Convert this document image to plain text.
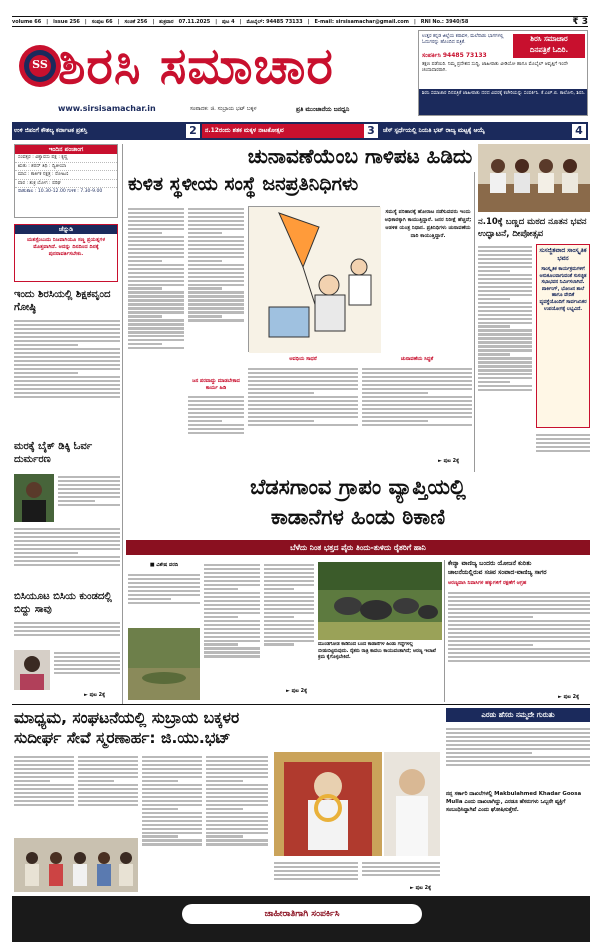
volume 66 | issue 256 | ಸಂಪುಟ 66 | ಸಂಚಿಕೆ 256 | ಶುಕ್ರವಾರ 07.11.2025 | ಪುಟ 4 | ಮೊಬೈಲ್: 94485 73133 | E-mail: sirsisamachar@gmail.com | RNI No.: 3940/58	₹ 3
SS ಶಿರಸಿ ಸಮಾಚಾರ
www.sirsisamachar.in	ಸಂಪಾದಕ: ಜಿ. ಸುಬ್ರಾಯ ಭಟ್ ಬಕ್ಕಳ	ಪ್ರತಿ ಮುಂಜಾನೆಯ ಜನಧ್ವನಿ
ಉತ್ತರ ಕನ್ನಡ ಜಿಲ್ಲೆಯ ಕರಾವಳಿ, ಮಲೆನಾಡು ಭಾಗಗಳಲ್ಲಿ ಓದುಗರನ್ನು ಹೊಂದಿದ ಪತ್ರಿಕೆ.
ಸಂಪರ್ಕಿಸಿ 94485 73133
ಶಿರಸಿ ಸಮಾಚಾರ
ದಿನಪತ್ರಿಕೆ ಓದಿರಿ.
ತಕ್ಷಣ ಪಡೆಯಿರಿ. ನಿಮ್ಮ ಪ್ರದೇಶದ ಸುದ್ದಿ, ಜಾಹೀರಾತು ವೀಡಿಯೋ ಹಾಗೂ ಮೊಬೈಲ್ ಆವೃತ್ತಿಗೆ ಇಂದೇ ಚಂದಾದಾರರಾಗಿ.
ಶಿರಸಿ ಸಮಾಚಾರ ದಿನಪತ್ರಿಕೆ ಜಾಹೀರಾತು ದರದ ವಿವರಕ್ಕೆ ಕಚೇರಿಯನ್ನು ಸಂಪರ್ಕಿಸಿ. ಕೆ.ಎಚ್.ಬಿ. ಕಾಲೋನಿ, ಶಿರಸಿ.
ಉಳಿ ಜಿಪಂಗೆ ಕೌಶಲ್ಯ ಕರ್ನಾಟಕ ಪ್ರಶಸ್ತಿ	2	ನ.12ರಂದು ಶತಕ ಮಕ್ಕಳ ನಾಟಕೋತ್ಸವ	3	ಚೆಸ್ ಸ್ಪರ್ಧೆಯಲ್ಲಿ ನಿಯತಿ ಭಟ್ ರಾಜ್ಯ ಮಟ್ಟಕ್ಕೆ ಆಯ್ಕೆ	4
ಇಂದಿನ ಪಂಚಾಂಗ
ಸಂವತ್ಸರ : ವಿಶ್ವಾವಸು ಪಕ್ಷ : ಕೃಷ್ಣ
ಋತು : ಶರದ್ ತಿಥಿ : ದ್ವಿತೀಯಾ
ಮಾಸ : ಕಾರ್ತಿಕ ನಕ್ಷತ್ರ : ರೋಹಿಣಿ
ವಾರ : ಶುಕ್ರ ಯೋಗ : ಪರಿಘ
ರಾಹುಕಾಲ : 10.30-12.00 ಗುಳಿಕ : 7.30-9.00
ಚೆನ್ನುಡಿ
ಯಶಸ್ಸೆಂಬುದು ನಿಜವಾಗಿಯೂ ಸಣ್ಣ ಪ್ರಯತ್ನಗಳ ಮೊತ್ತವಾಗಿದೆ. ಅದನ್ನು ದಿನದಿಂದ ದಿನಕ್ಕೆ ಪುನರಾವರ್ತಿಸಬೇಕು.
ಇಂದು ಶಿರಸಿಯಲ್ಲಿ ಶಿಕ್ಷಕವೃಂದ ಗೋಷ್ಠಿ
ಮರಕ್ಕೆ ಬೈಕ್ ಡಿಕ್ಕಿ ಓರ್ವ ದುರ್ಮರಣ
ಬಿಸಿಯೂಟ ಬಿಸಿಯ ಕುಂಡದಲ್ಲಿ ಬಿದ್ದು ಸಾವು
► ಪುಟ 2ಕ್ಕೆ
ಚುನಾವಣೆಯೆಂಬ ಗಾಳಿಪಟ ಹಿಡಿದು
ಕುಳಿತ ಸ್ಥಳೀಯ ಸಂಸ್ಥೆ ಜನಪ್ರತಿನಿಧಿಗಳು
ಜನ ಪರವಾದ್ದು ಮಾಡಬೇಕಾದ ಕಾರ್ಯ ಹಿಡಿ
ಸಮಸ್ಯೆ ಪರಿಹಾರಕ್ಕೆ ಹೋರಾಟ ನಡೆಸುವವರು ಇಂದು ಅಧಿಕಾರಕ್ಕಾಗಿ ಕಾಯುತ್ತಿದ್ದಾರೆ. ಜನರ ನಿರೀಕ್ಷೆ ಹೆಚ್ಚಿದೆ; ಆಡಳಿತ ಯಂತ್ರ ನಿಧಾನ. ಪ್ರತಿನಿಧಿಗಳು ಚುನಾವಣೆಯ ದಾರಿ ಕಾಯುತ್ತಿದ್ದಾರೆ.
ಅವಧಿಯ ಸಾಧನೆ	ಚುನಾವಣೆಯ ಸಿದ್ಧತೆ
► ಪುಟ 2ಕ್ಕೆ
ನ.10ಕ್ಕೆ ಬಣ್ಣದ ಮಠದ ನೂತನ ಭವನ ಉದ್ಘಾಟನೆ, ದೀಪೋತ್ಸವ
ಸುಸಜ್ಜಿತವಾದ ಸಾಂಸ್ಕೃತಿಕ ಭವನ
ಸಾಂಸ್ಕೃತಿಕ ಕಾರ್ಯಕ್ರಮಗಳಿಗೆ ಅನುಕೂಲವಾಗುವಂತೆ ಸುಸಜ್ಜಿತ ಸಭಾಭವನ ನಿರ್ಮಿಸಲಾಗಿದೆ. ಪಾರ್ಕಿಂಗ್, ಭೋಜನ ಶಾಲೆ ಹಾಗೂ ವೇದಿಕೆ ವ್ಯವಸ್ಥೆಯೊಂದಿಗೆ ಸಾರ್ವಜನಿಕರ ಉಪಯೋಗಕ್ಕೆ ಲಭ್ಯವಿದೆ.
ಬೆಡಸಗಾಂವ ಗ್ರಾಪಂ ವ್ಯಾಪ್ತಿಯಲ್ಲಿ
ಕಾಡಾನೆಗಳ ಹಿಂಡು ಠಿಕಾಣಿ
ಬೆಳೆದು ನಿಂತ ಭತ್ತದ ಪೈರು ತಿಂದು-ತುಳಿದು ರೈತರಿಗೆ ಹಾನಿ
■ ವಿಶೇಷ ವರದಿ
► ಪುಟ 2ಕ್ಕೆ
ಮುಂಡಗೋಡ ಕಾಡಿನಿಂದ ಬಂದ ಕಾಡಾನೆಗಳ ಹಿಂಡು ಗದ್ದೆಗಳಲ್ಲಿ ಬೀಡುಬಿಟ್ಟಿರುವುದು. ರೈತರು ರಾತ್ರಿ ಕಾವಲು ಕಾಯುವಂತಾಗಿದೆ; ಅರಣ್ಯ ಇಲಾಖೆ ಕ್ರಮ ಕೈಗೊಳ್ಳಬೇಕಿದೆ.
ಕೇನ್ಯಾ ವಾಣಿಜ್ಯ ಬಂದರು ಯೋಜನೆ ಕುರಿತು
ಚಾಲನೆಯಲ್ಲಿರುವ ಸಚಿವ ಸಂವಾದ-ವಾಣಿಜ್ಯ ಸಾಗರ
ಅರಣ್ಯವಾಸಿ ನಿವಾಸಿಗಳ ಹಕ್ಕುಗಳಿಗೆ ರಕ್ಷಣೆಗೆ ಆಗ್ರಹ
► ಪುಟ 2ಕ್ಕೆ
ಮಾಧ್ಯಮ, ಸಂಘಟನೆಯಲ್ಲಿ ಸುಬ್ರಾಯ ಬಕ್ಕಳರ
ಸುದೀರ್ಘ ಸೇವೆ ಸ್ಮರಣಾರ್ಹ: ಜಿ.ಯು.ಭಟ್
► ಪುಟ 2ಕ್ಕೆ
ಎರಡು ಹೆಸರು ನಮ್ಮದೇ ಗುರುತು
ನನ್ನ ಸರ್ಕಾರಿ ದಾಖಲೆಗಳಲ್ಲಿ Makbulahmed Khadar Goosa Mulla ಎಂದು ದಾಖಲಾಗಿದ್ದು, ಎರಡೂ ಹೆಸರುಗಳು ಒಬ್ಬನೇ ವ್ಯಕ್ತಿಗೆ ಸಂಬಂಧಿಸಿದ್ದಾಗಿವೆ ಎಂದು ಘೋಷಿಸುತ್ತೇನೆ.
ಜಾಹೀರಾತಿಗಾಗಿ ಸಂಪರ್ಕಿಸಿ
